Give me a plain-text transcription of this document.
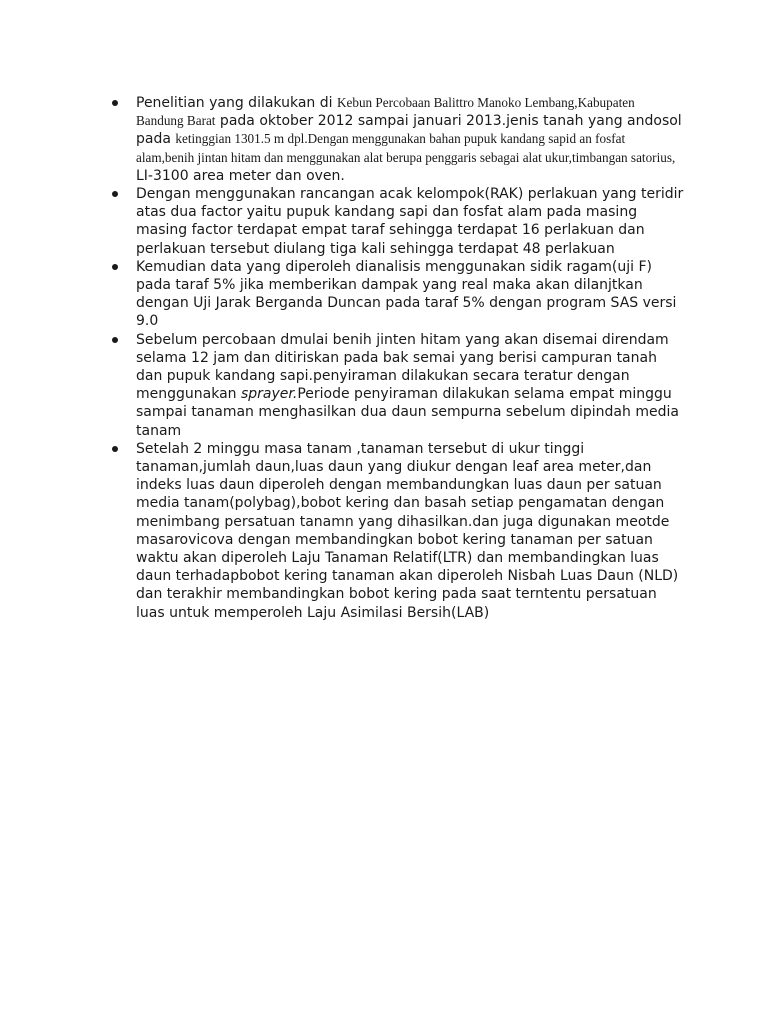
Penelitian yang dilakukan di Kebun Percobaan Balittro Manoko Lembang,Kabupaten Bandung Barat pada oktober 2012 sampai januari 2013.jenis tanah yang andosol pada ketinggian 1301.5 m dpl.Dengan menggunakan bahan pupuk kandang sapid an fosfat alam,benih jintan hitam dan menggunakan alat berupa penggaris sebagai alat ukur,timbangan satorius, LI-3100 area meter dan oven.
Dengan menggunakan rancangan acak kelompok(RAK) perlakuan yang teridir atas dua factor yaitu pupuk kandang sapi dan fosfat alam pada masing masing factor terdapat empat taraf sehingga terdapat 16 perlakuan dan perlakuan tersebut diulang tiga kali sehingga terdapat 48 perlakuan
Kemudian data yang diperoleh dianalisis menggunakan sidik ragam(uji F) pada taraf 5% jika memberikan dampak yang real maka akan dilanjtkan dengan Uji Jarak Berganda Duncan pada taraf 5% dengan program SAS versi 9.0
Sebelum percobaan dmulai benih jinten hitam yang akan disemai direndam selama 12 jam dan ditiriskan pada bak semai yang berisi campuran tanah dan pupuk kandang sapi.penyiraman dilakukan secara teratur dengan menggunakan sprayer.Periode penyiraman dilakukan selama empat minggu sampai tanaman menghasilkan dua daun sempurna sebelum dipindah media tanam
Setelah 2 minggu masa tanam ,tanaman tersebut di ukur tinggi tanaman,jumlah daun,luas daun yang diukur dengan leaf area meter,dan indeks luas daun diperoleh dengan membandungkan luas daun per satuan media tanam(polybag),bobot kering dan basah setiap pengamatan dengan menimbang persatuan tanamn yang dihasilkan.dan juga digunakan meotde masarovicova dengan membandingkan bobot kering tanaman per satuan waktu akan diperoleh Laju Tanaman Relatif(LTR) dan membandingkan luas daun terhadapbobot kering tanaman akan diperoleh Nisbah Luas Daun (NLD) dan terakhir membandingkan bobot kering pada saat terntentu persatuan luas untuk memperoleh Laju Asimilasi Bersih(LAB)
